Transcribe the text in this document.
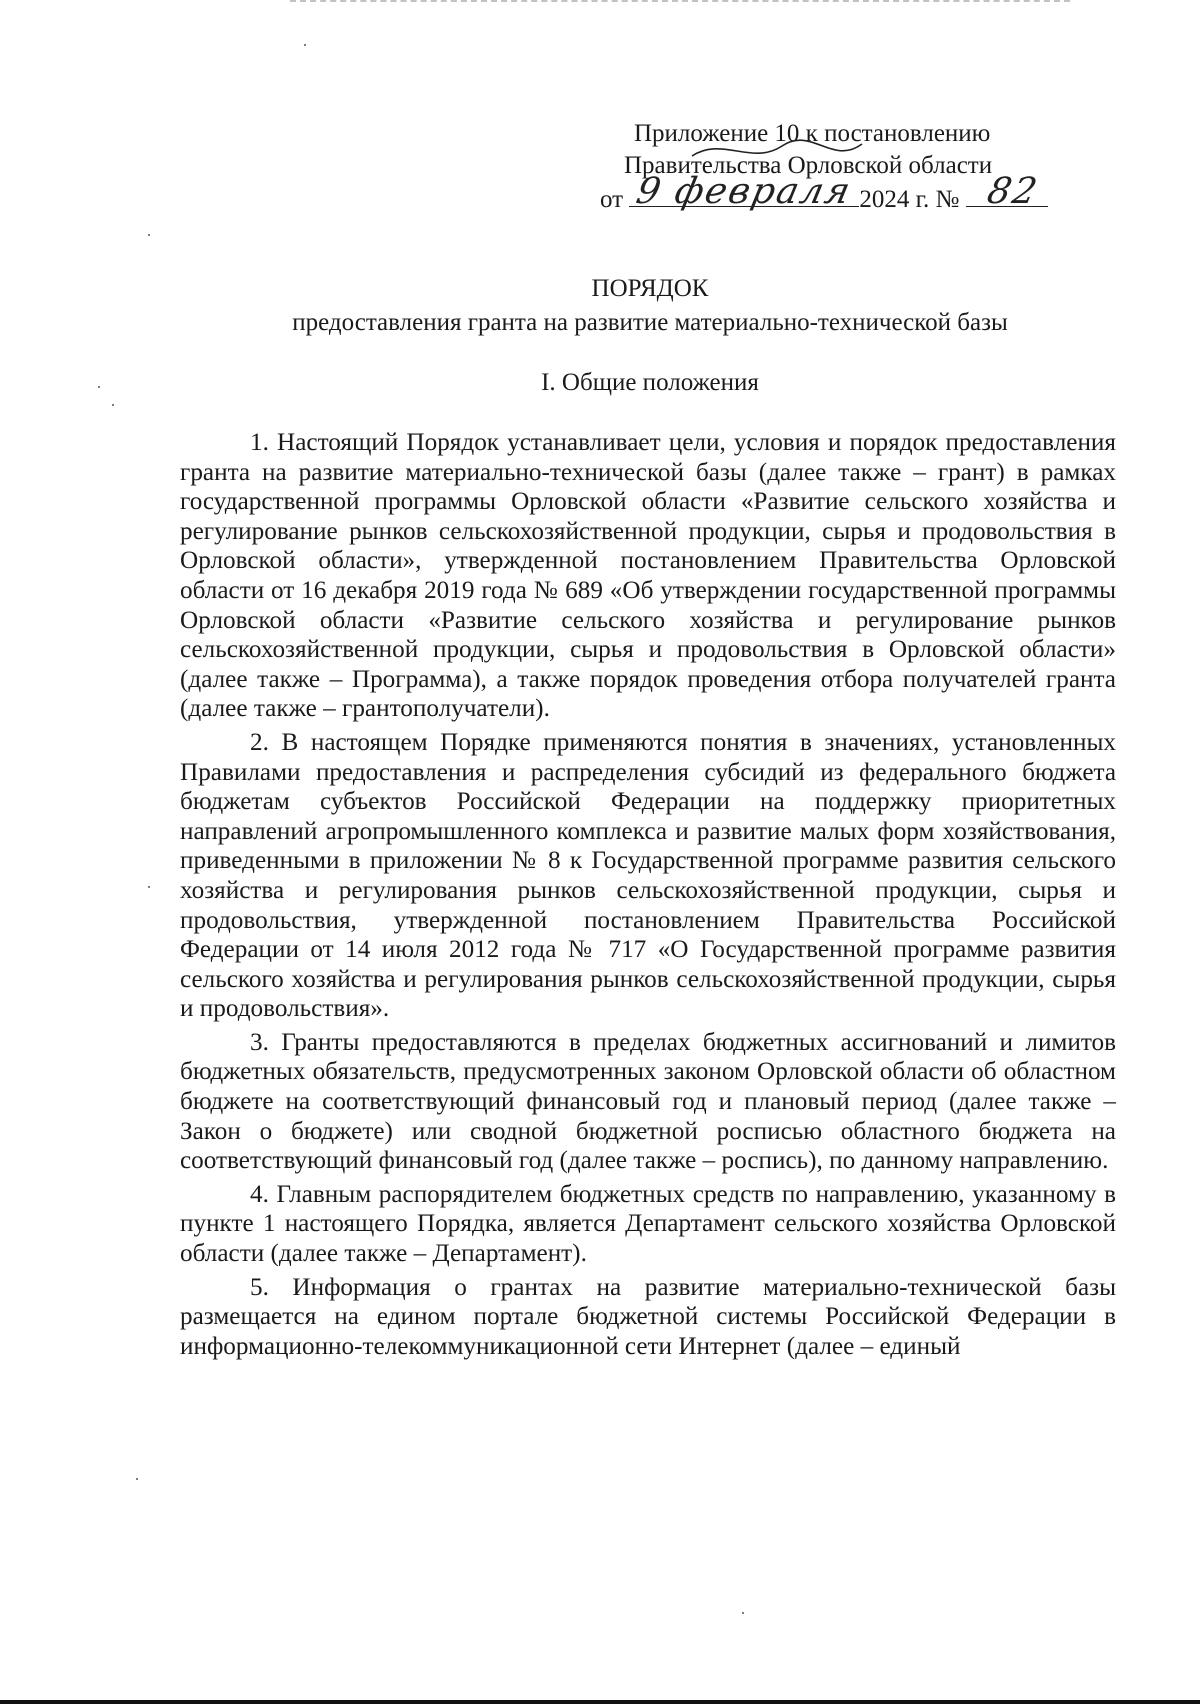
Приложение 10 к постановлению
Правительства Орловской области
от 9 февраля 2024 г. № 82
ПОРЯДОК
предоставления гранта на развитие материально-технической базы
I. Общие положения

1. Настоящий Порядок устанавливает цели, условия и порядок предоставления гранта на развитие материально-технической базы (далее также – грант) в рамках государственной программы Орловской области «Развитие сельского хозяйства и регулирование рынков сельскохозяйственной продукции, сырья и продовольствия в Орловской области», утвержденной постановлением Правительства Орловской области от 16 декабря 2019 года № 689 «Об утверждении государственной программы Орловской области «Развитие сельского хозяйства и регулирование рынков сельскохозяйственной продукции, сырья и продовольствия в Орловской области» (далее также – Программа), а также порядок проведения отбора получателей гранта (далее также – грантополучатели).

2. В настоящем Порядке применяются понятия в значениях, установленных Правилами предоставления и распределения субсидий из федерального бюджета бюджетам субъектов Российской Федерации на поддержку приоритетных направлений агропромышленного комплекса и развитие малых форм хозяйствования, приведенными в приложении № 8 к Государственной программе развития сельского хозяйства и регулирования рынков сельскохозяйственной продукции, сырья и продовольствия, утвержденной постановлением Правительства Российской Федерации от 14 июля 2012 года № 717 «О Государственной программе развития сельского хозяйства и регулирования рынков сельскохозяйственной продукции, сырья и продовольствия».

3. Гранты предоставляются в пределах бюджетных ассигнований и лимитов бюджетных обязательств, предусмотренных законом Орловской области об областном бюджете на соответствующий финансовый год и плановый период (далее также – Закон о бюджете) или сводной бюджетной росписью областного бюджета на соответствующий финансовый год (далее также – роспись), по данному направлению.

4. Главным распорядителем бюджетных средств по направлению, указанному в пункте 1 настоящего Порядка, является Департамент сельского хозяйства Орловской области (далее также – Департамент).

5. Информация о грантах на развитие материально-технической базы размещается на едином портале бюджетной системы Российской Федерации в информационно-телекоммуникационной сети Интернет (далее – единый
